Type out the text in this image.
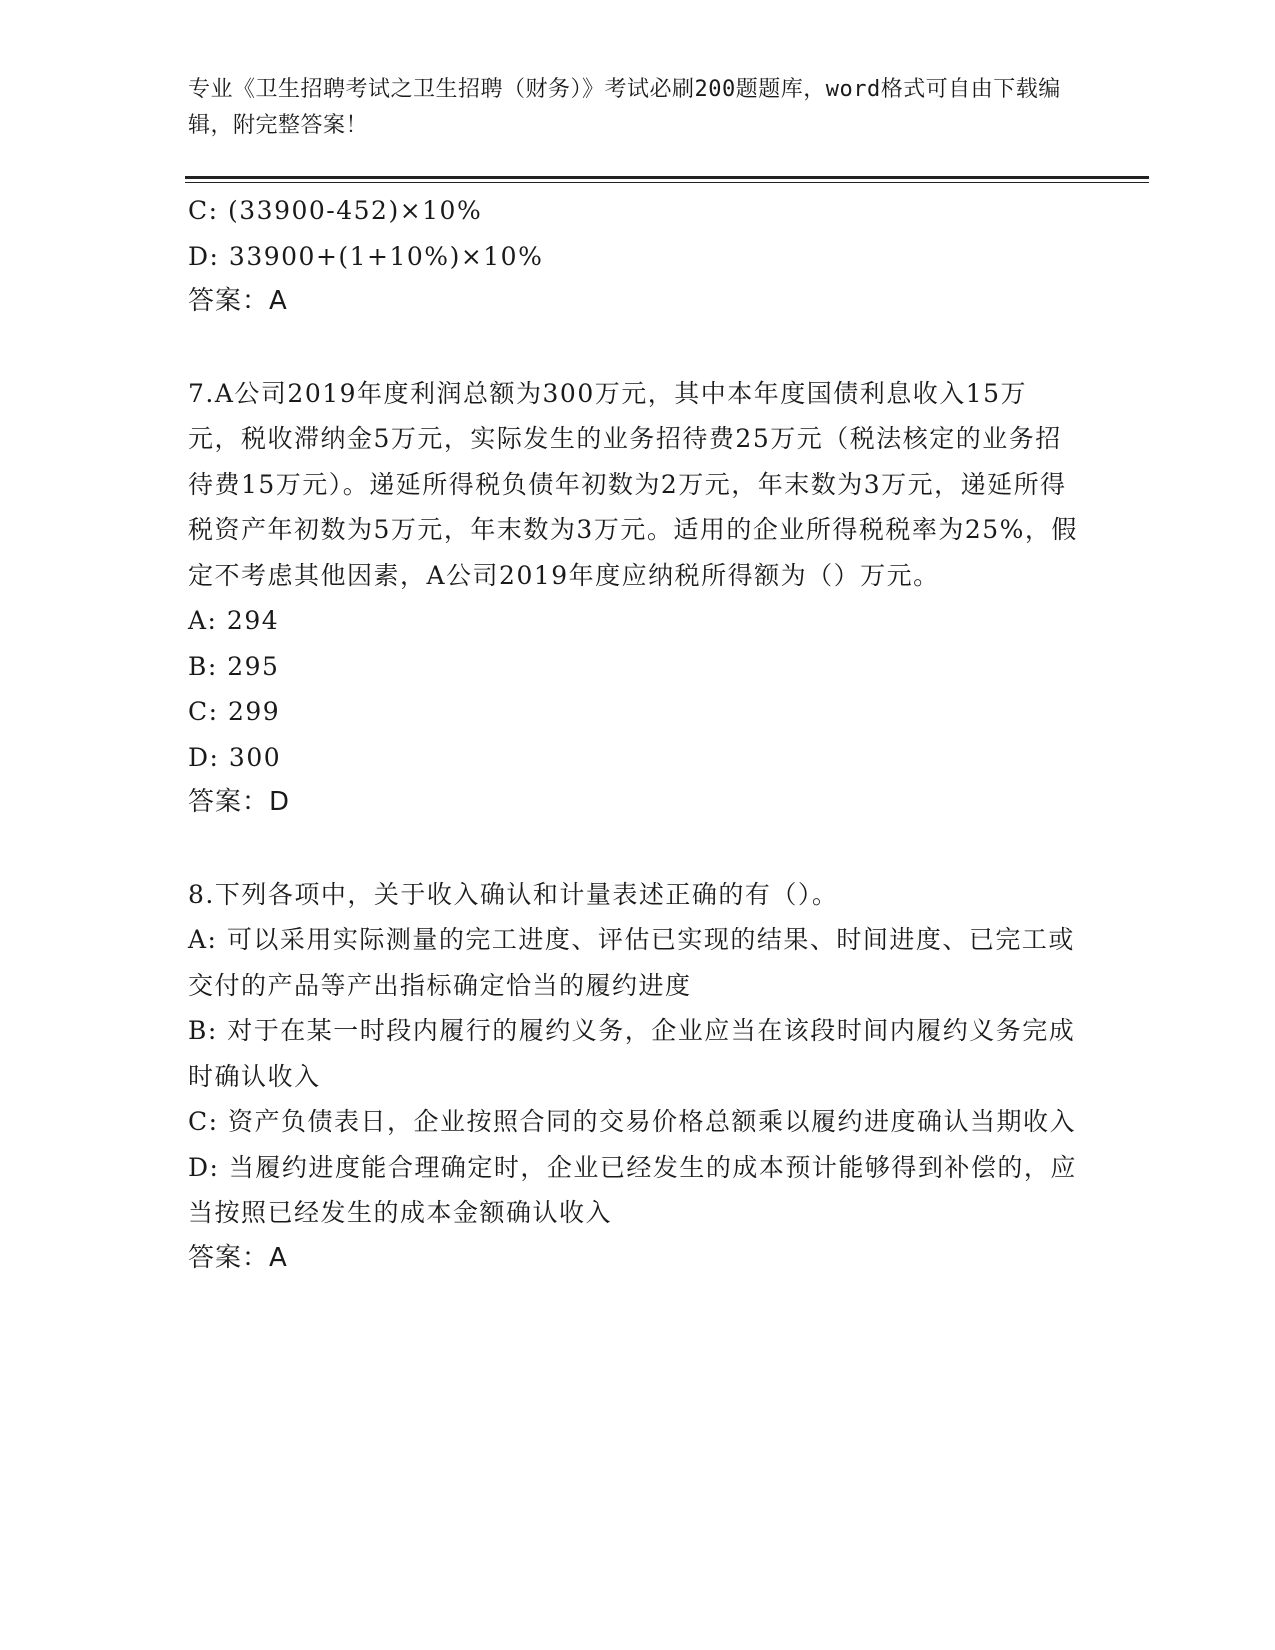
专业《卫生招聘考试之卫生招聘（财务）》考试必刷200题题库，word格式可自由下载编辑，附完整答案！

C: (33900-452)×10%

D: 33900+(1+10%)×10%

答案：A

7.A公司2019年度利润总额为300万元，其中本年度国债利息收入15万元，税收滞纳金5万元，实际发生的业务招待费25万元（税法核定的业务招待费15万元）。递延所得税负债年初数为2万元，年末数为3万元，递延所得税资产年初数为5万元，年末数为3万元。适用的企业所得税税率为25%，假定不考虑其他因素，A公司2019年度应纳税所得额为（）万元。

A: 294

B: 295

C: 299

D: 300

答案：D

8.下列各项中，关于收入确认和计量表述正确的有（）。

A: 可以采用实际测量的完工进度、评估已实现的结果、时间进度、已完工或交付的产品等产出指标确定恰当的履约进度

B: 对于在某一时段内履行的履约义务，企业应当在该段时间内履约义务完成时确认收入

C: 资产负债表日，企业按照合同的交易价格总额乘以履约进度确认当期收入

D: 当履约进度能合理确定时，企业已经发生的成本预计能够得到补偿的，应当按照已经发生的成本金额确认收入

答案：A
